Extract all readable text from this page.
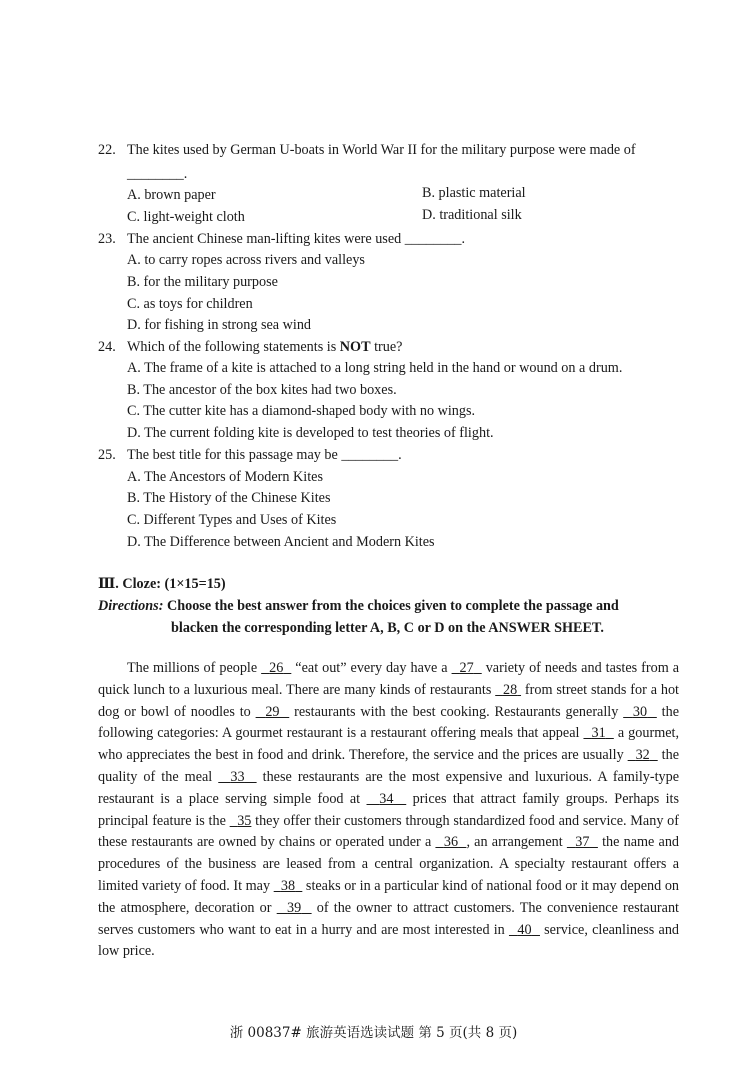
22. The kites used by German U-boats in World War II for the military purpose were made of
________.
A. brown paper	B. plastic material
C. light-weight cloth	D. traditional silk
23. The ancient Chinese man-lifting kites were used ________.
A. to carry ropes across rivers and valleys
B. for the military purpose
C. as toys for children
D. for fishing in strong sea wind
24. Which of the following statements is NOT true?
A. The frame of a kite is attached to a long string held in the hand or wound on a drum.
B. The ancestor of the box kites had two boxes.
C. The cutter kite has a diamond-shaped body with no wings.
D. The current folding kite is developed to test theories of flight.
25. The best title for this passage may be ________.
A. The Ancestors of Modern Kites
B. The History of the Chinese Kites
C. Different Types and Uses of Kites
D. The Difference between Ancient and Modern Kites
Ⅲ. Cloze: (1×15=15)
Directions: Choose the best answer from the choices given to complete the passage and
blacken the corresponding letter A, B, C or D on the ANSWER SHEET.
The millions of people   26   “eat out” every day have a   27   variety of needs and tastes from a quick lunch to a luxurious meal. There are many kinds of restaurants   28  from street stands for a hot dog or bowl of noodles to   29   restaurants with the best cooking. Restaurants generally   30   the following categories: A gourmet restaurant is a restaurant offering meals that appeal   31   a gourmet, who appreciates the best in food and drink. Therefore, the service and the prices are usually   32   the quality of the meal   33   these restaurants are the most expensive and luxurious. A family-type restaurant is a place serving simple food at   34   prices that attract family groups. Perhaps its principal feature is the   35 they offer their customers through standardized food and service. Many of these restaurants are owned by chains or operated under a   36 , an arrangement   37   the name and procedures of the business are leased from a central organization. A specialty restaurant offers a limited variety of food. It may   38   steaks or in a particular kind of national food or it may depend on the atmosphere, decoration or   39   of the owner to attract customers. The convenience restaurant serves customers who want to eat in a hurry and are most interested in   40   service, cleanliness and low price.
浙 00837# 旅游英语选读试题 第 5 页(共 8 页)
